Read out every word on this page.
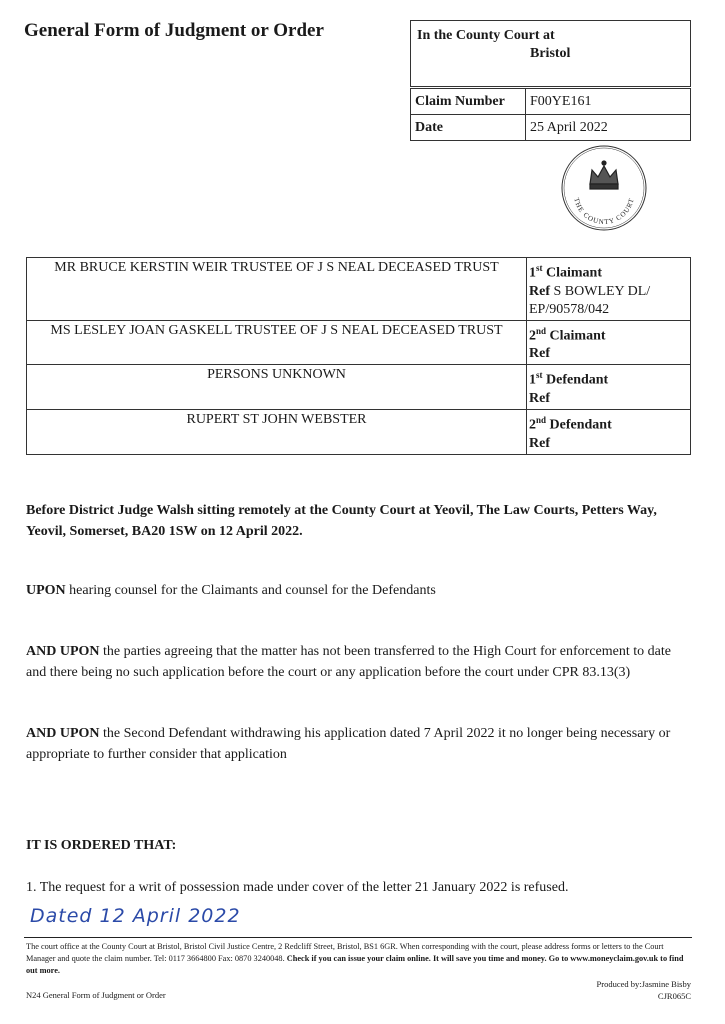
General Form of Judgment or Order	In the County Court at
Bristol
Claim Number	F00YE161
Date	25 April 2022
THE COUNTY COURT
MR BRUCE KERSTIN WEIR TRUSTEE OF J S NEAL DECEASED TRUST	1st Claimant
Ref S BOWLEY DL/ EP/90578/042
MS LESLEY JOAN GASKELL TRUSTEE OF J S NEAL DECEASED TRUST	2nd Claimant
Ref
PERSONS UNKNOWN	1st Defendant
Ref
RUPERT ST JOHN WEBSTER	2nd Defendant
Ref
Before District Judge Walsh sitting remotely at the County Court at Yeovil, The Law Courts, Petters Way, Yeovil, Somerset, BA20 1SW on 12 April 2022.
UPON hearing counsel for the Claimants and counsel for the Defendants
AND UPON the parties agreeing that the matter has not been transferred to the High Court for enforcement to date and there being no such application before the court or any application before the court under CPR 83.13(3)
AND UPON the Second Defendant withdrawing his application dated 7 April 2022 it no longer being necessary or appropriate to further consider that application
IT IS ORDERED THAT:
1. The request for a writ of possession made under cover of the letter 21 January 2022 is refused.
Dated 12 April 2022
The court office at the County Court at Bristol, Bristol Civil Justice Centre, 2 Redcliff Street, Bristol, BS1 6GR. When corresponding with the court, please address forms or letters to the Court Manager and quote the claim number. Tel: 0117 3664800 Fax: 0870 3240048. Check if you can issue your claim online. It will save you time and money. Go to www.moneyclaim.gov.uk to find out more.
Produced by:Jasmine Bisby
CJR065C
N24 General Form of Judgment or Order
